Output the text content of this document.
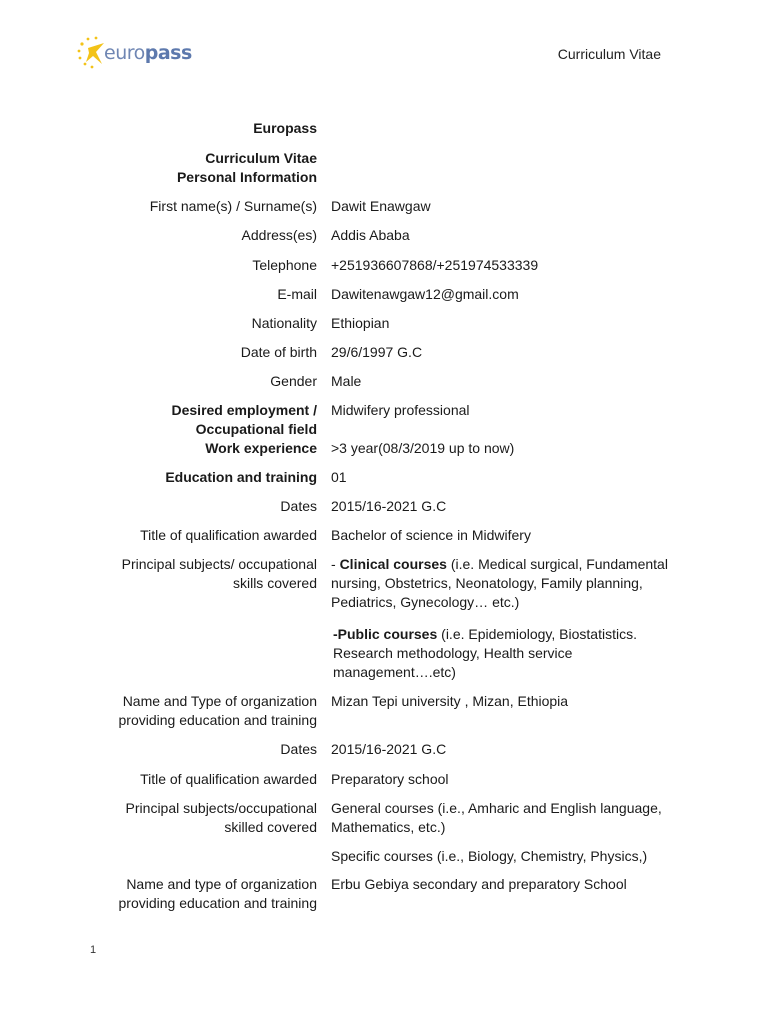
europass	Curriculum Vitae
Europass
Curriculum Vitae
Personal Information
First name(s) / Surname(s) Dawit Enawgaw
Address(es) Addis Ababa
Telephone +251936607868/+251974533339
E-mail Dawitenawgaw12@gmail.com
Nationality Ethiopian
Date of birth 29/6/1997 G.C
Gender Male
Desired employment /
Occupational field
Midwifery professional
Work experience >3 year(08/3/2019 up to now)
Education and training 01
Dates 2015/16-2021 G.C
Title of qualification awarded Bachelor of science in Midwifery
Principal subjects/ occupational
skills covered
- Clinical courses (i.e. Medical surgical, Fundamental nursing, Obstetrics, Neonatology, Family planning, Pediatrics, Gynecology… etc.)
-Public courses (i.e. Epidemiology, Biostatistics. Research methodology, Health service management….etc)
Name and Type of organization
providing education and training
Mizan Tepi university , Mizan, Ethiopia
Dates 2015/16-2021 G.C
Title of qualification awarded Preparatory school
Principal subjects/occupational
skilled covered
General courses (i.e., Amharic and English language, Mathematics, etc.)
Specific courses (i.e., Biology, Chemistry, Physics,)
Name and type of organization
providing education and training
Erbu Gebiya secondary and preparatory School
1
